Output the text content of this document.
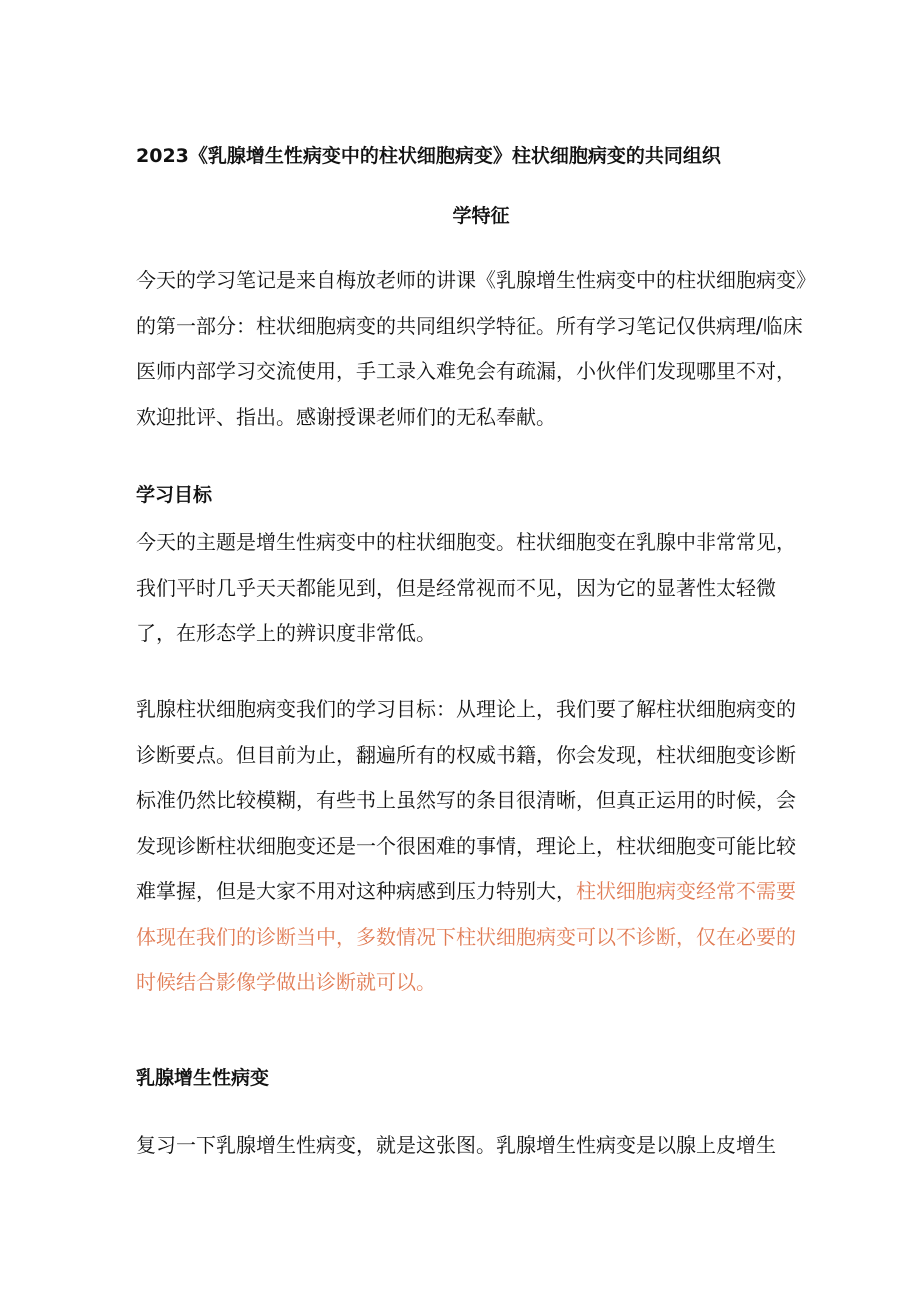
2023《乳腺增生性病变中的柱状细胞病变》柱状细胞病变的共同组织
学特征

今天的学习笔记是来自梅放老师的讲课《乳腺增生性病变中的柱状细胞病变》的第一部分：柱状细胞病变的共同组织学特征。所有学习笔记仅供病理/临床医师内部学习交流使用，手工录入难免会有疏漏，小伙伴们发现哪里不对，欢迎批评、指出。感谢授课老师们的无私奉献。

学习目标

今天的主题是增生性病变中的柱状细胞变。柱状细胞变在乳腺中非常常见，我们平时几乎天天都能见到，但是经常视而不见，因为它的显著性太轻微了，在形态学上的辨识度非常低。

乳腺柱状细胞病变我们的学习目标：从理论上，我们要了解柱状细胞病变的诊断要点。但目前为止，翻遍所有的权威书籍，你会发现，柱状细胞变诊断标准仍然比较模糊，有些书上虽然写的条目很清晰，但真正运用的时候，会发现诊断柱状细胞变还是一个很困难的事情，理论上，柱状细胞变可能比较难掌握，但是大家不用对这种病感到压力特别大，柱状细胞病变经常不需要体现在我们的诊断当中，多数情况下柱状细胞病变可以不诊断，仅在必要的时候结合影像学做出诊断就可以。

乳腺增生性病变

复习一下乳腺增生性病变，就是这张图。乳腺增生性病变是以腺上皮增生
